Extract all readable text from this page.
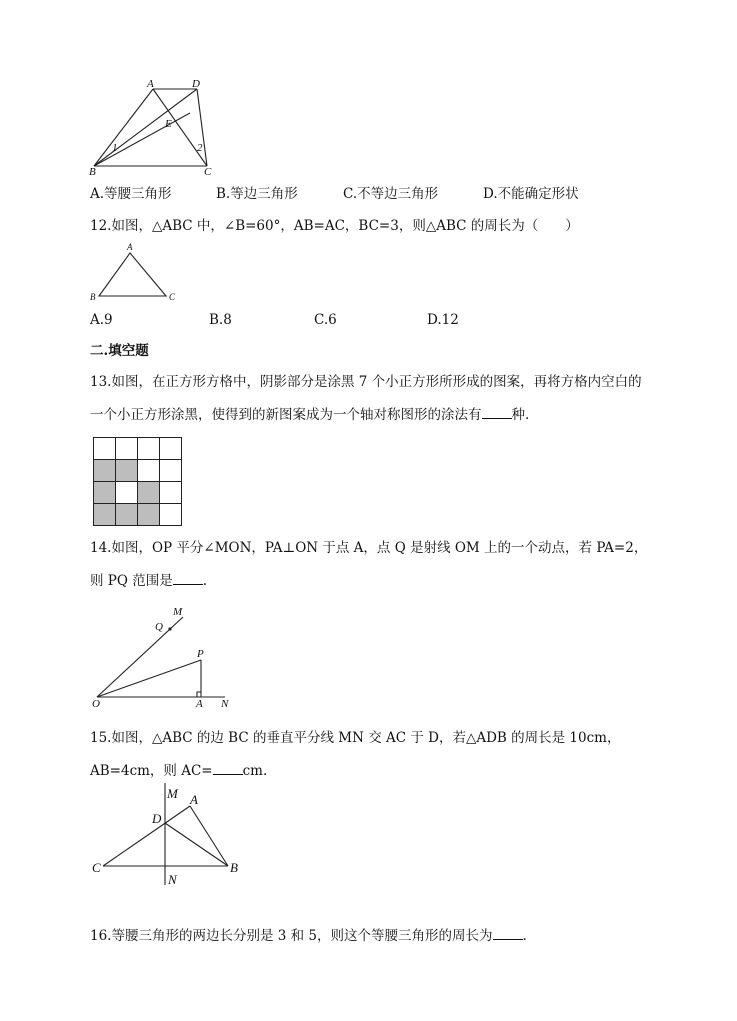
A	D
E
B	C
1	2
A.等腰三角形	B.等边三角形	C.不等边三角形	D.不能确定形状
12.如图，△ABC 中，∠B=60°，AB=AC，BC=3，则△ABC 的周长为（　　）
A
B	C
A.9	B.8	C.6	D.12
二.填空题
13.如图，在正方形方格中，阴影部分是涂黑 7 个小正方形所形成的图案，再将方格内空白的一个小正方形涂黑，使得到的新图案成为一个轴对称图形的涂法有 种.
14.如图，OP 平分∠MON，PA⊥ON 于点 A，点 Q 是射线 OM 上的一个动点，若 PA=2，则 PQ 范围是 .
M
Q
P
O	A N
15.如图，△ABC 的边 BC 的垂直平分线 MN 交 AC 于 D，若△ADB 的周长是 10cm，AB=4cm，则 AC= cm.
M A
D
C
N
B
16.等腰三角形的两边长分别是 3 和 5，则这个等腰三角形的周长为 .
